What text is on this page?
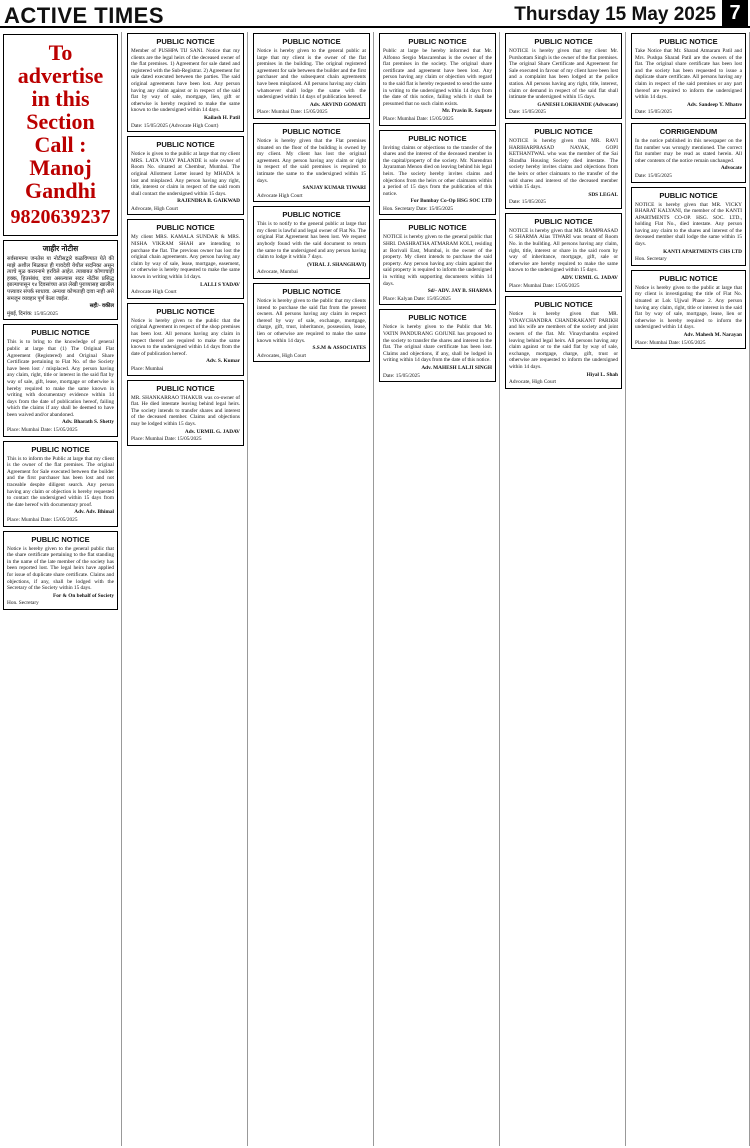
ACTIVE TIMES	Thursday 15 May 2025 7
To
advertise
in this
Section
Call :
Manoj Gandhi
9820639237
जाहीर नोटीस

सर्वसामान्य जनतेस या नोटीसद्वारे कळविण्यात येते की माझे अशील मिळकत ही गावदेवी येथील सदनिका असून त्याचे मूळ करारनामे हरविले आहेत. त्याबाबत कोणाचाही हक्क, हितसंबंध, दावा असल्यास सदर नोटीस प्रसिद्ध झाल्यापासून १४ दिवसांच्या आत लेखी पुराव्यासह खालील पत्त्यावर संपर्क साधावा. अन्यथा कोणताही दावा नाही असे समजून व्यवहार पूर्ण केला जाईल.

सही/- वकील
मुंबई, दिनांक: 15/05/2025
PUBLIC NOTICE

This is to bring to the knowledge of general public at large that (1) The Original Flat Agreement (Registered) and Original Share Certificate pertaining to Flat No. of the Society have been lost / misplaced. Any person having any claim, right, title or interest in the said flat by way of sale, gift, lease, mortgage or otherwise is hereby required to make the same known in writing with documentary evidence within 14 days from the date of publication hereof, failing which the claims if any shall be deemed to have been waived and/or abandoned.

Adv. Bharath S. Shetty
Place: Mumbai Date: 15/05/2025
PUBLIC NOTICE

This is to inform the Public at large that my client is the owner of the flat premises. The original Agreement for Sale executed between the builder and the first purchaser has been lost and not traceable despite diligent search. Any person having any claim or objection is hereby requested to contact the undersigned within 15 days from the date hereof with documentary proof.

Adv. Adv. Bhimal
Place: Mumbai Date: 15/05/2025
PUBLIC NOTICE

Notice is hereby given to the general public that the share certificate pertaining to the flat standing in the name of the late member of the society has been reported lost. The legal heirs have applied for issue of duplicate share certificate. Claims and objections, if any, shall be lodged with the Secretary of the Society within 15 days.

For & On behalf of Society
Hon. Secretary
PUBLIC NOTICE

Member of PUSHPA TIJ SANI. Notice that my clients are the legal heirs of the deceased owner of the flat premises. 1) Agreement for sale dated and registered with the Sub-Registrar. 2) Agreement for sale dated executed between the parties. The said original agreements have been lost. Any person having any claim against or in respect of the said flat by way of sale, mortgage, lien, gift or otherwise is hereby required to make the same known to the undersigned within 14 days.

Kailash H. Patil
Date: 15/05/2025 (Advocate High Court)
PUBLIC NOTICE

Notice is given to the public at large that my client MRS. LATA VIJAY PALANDE is sole owner of Room No. situated at Chembur, Mumbai. The original Allotment Letter issued by MHADA is lost and misplaced. Any person having any right, title, interest or claim in respect of the said room shall contact the undersigned within 15 days.

RAJENDRA B. GAIKWAD
Advocate, High Court
PUBLIC NOTICE

My client MRS. KAMALA SUNDAR & MRS. NISHA VIKRAM SHAH are intending to purchase the flat. The previous owner has lost the original chain agreements. Any person having any claim by way of sale, lease, mortgage, easement, or otherwise is hereby requested to make the same known in writing within 14 days.

LALLI S YADAV
Advocate High Court
PUBLIC NOTICE

Notice is hereby given to the public that the original Agreement in respect of the shop premises has been lost. All persons having any claim in respect thereof are required to make the same known to the undersigned within 14 days from the date of publication hereof.

Adv. S. Kumar
Place: Mumbai
PUBLIC NOTICE

MR. SHANKARRAO THAKUR was co-owner of flat. He died intestate leaving behind legal heirs. The society intends to transfer shares and interest of the deceased member. Claims and objections may be lodged within 15 days.

Adv. URMIL G. JADAV
Place: Mumbai Date: 15/05/2025
PUBLIC NOTICE

Notice is hereby given to the general public at large that my client is the owner of the flat premises in the building. The original registered agreement for sale between the builder and the first purchaser and the subsequent chain agreements have been misplaced. All persons having any claim whatsoever shall lodge the same with the undersigned within 14 days of publication hereof.

Adv. ARVIND GOMATI
Place: Mumbai Date: 15/05/2025
PUBLIC NOTICE

Notice is hereby given that the Flat premises situated on the floor of the building is owned by my client. My client has lost the original agreement. Any person having any claim or right in respect of the said premises is required to intimate the same to the undersigned within 15 days.

SANJAY KUMAR TIWARI
Advocate High Court
PUBLIC NOTICE

This is to notify to the general public at large that my client is lawful and legal owner of Flat No. The original Flat Agreement has been lost. We request anybody found with the said document to return the same to the undersigned and any person having claim to lodge it within 7 days.

(VIRAL J. SHANGHAVI)
Advocate, Mumbai
PUBLIC NOTICE

Notice is hereby given to the public that my clients intend to purchase the said flat from the present owners. All persons having any claim in respect thereof by way of sale, exchange, mortgage, charge, gift, trust, inheritance, possession, lease, lien or otherwise are required to make the same known within 14 days.

S.S.M & ASSOCIATES
Advocates, High Court
PUBLIC NOTICE

Public at large be hereby informed that Mr. Alfonso Sergio Mascarenhas is the owner of the flat premises in the society. The original share certificate and agreement have been lost. Any person having any claim or objection with regard to the said flat is hereby requested to send the same in writing to the undersigned within 14 days from the date of this notice, failing which it shall be presumed that no such claim exists.

Mr. Pravin R. Satpute
Place: Mumbai Date: 15/05/2025
PUBLIC NOTICE

Inviting claims or objections to the transfer of the shares and the interest of the deceased member in the capital/property of the society. Mr. Narendran Jayaraman Menon died on leaving behind his legal heirs. The society hereby invites claims and objections from the heirs or other claimants within a period of 15 days from the publication of this notice.

For Bombay Co-Op HSG SOC LTD
Hon. Secretary Date: 15/05/2025
PUBLIC NOTICE

NOTICE is hereby given to the general public that SHRI. DASHRATHA ATMARAM KOLI, residing at Borivali East, Mumbai, is the owner of the property. My client intends to purchase the said property. Any person having any claim against the said property is required to inform the undersigned in writing with supporting documents within 14 days.

Sd/- ADV. JAY B. SHARMA
Place: Kalyan Date: 15/05/2025
PUBLIC NOTICE

Notice is hereby given to the Public that Mr. VATIN PANDURANG GOJUNE has proposed to the society to transfer the shares and interest in the flat. The original share certificate has been lost. Claims and objections, if any, shall be lodged in writing within 14 days from the date of this notice.

Adv. MAHESH LALJI SINGH
Date: 15/05/2025
PUBLIC NOTICE

NOTICE is hereby given that my client Mr. Purshottam Singh is the owner of the flat premises. The original Share Certificate and Agreement for Sale executed in favour of my client have been lost and a complaint has been lodged at the police station. All persons having any right, title, interest, claim or demand in respect of the said flat shall intimate the undersigned within 15 days.

GANESH LOKHANDE (Advocate)
Date: 15/05/2025
PUBLIC NOTICE

NOTICE is hereby given that MR. RAVI HARIHARPRASAD NAYAK, GOPI KETHANTWAL who was the member of the Sai Shradha Housing Society died intestate. The society hereby invites claims and objections from the heirs or other claimants to the transfer of the said shares and interest of the deceased member within 15 days.

SDS LEGAL
Date: 15/05/2025
PUBLIC NOTICE

NOTICE is hereby given that MR. RAMPRASAD G SHARMA Alias TIWARI was tenant of Room No. in the building. All persons having any claim, right, title, interest or share in the said room by way of inheritance, mortgage, gift, sale or otherwise are hereby required to make the same known to the undersigned within 15 days.

ADV. URMIL G. JADAV
Place: Mumbai Date: 15/05/2025
PUBLIC NOTICE

Notice is hereby given that MR. VINAYCHANDRA CHANDRAKANT PARIKH and his wife are members of the society and joint owners of the flat. Mr. Vinaychandra expired leaving behind legal heirs. All persons having any claim against or to the said flat by way of sale, exchange, mortgage, charge, gift, trust or otherwise are requested to inform the undersigned within 14 days.

Hiyal L. Shah
Advocate, High Court
PUBLIC NOTICE

Take Notice that Mr. Sharad Atmaram Patil and Mrs. Pushpa Sharad Patil are the owners of the flat. The original share certificate has been lost and the society has been requested to issue a duplicate share certificate. All persons having any claim in respect of the said premises or any part thereof are required to inform the undersigned within 14 days.

Adv. Sandeep Y. Mhatre
Date: 15/05/2025
CORRIGENDUM

In the notice published in this newspaper on the flat number was wrongly mentioned. The correct flat number may be read as stated herein. All other contents of the notice remain unchanged.

Advocate
Date: 15/05/2025
PUBLIC NOTICE

NOTICE is hereby given that MR. VICKY BHARAT KALYANI, the member of the KANTI APARTMENTS CO-OP. HSG. SOC. LTD., holding Flat No., died intestate. Any person having any claim to the shares and interest of the deceased member shall lodge the same within 15 days.

KANTI APARTMENTS CHS LTD
Hon. Secretary
PUBLIC NOTICE

Notice is hereby given to the public at large that my client is investigating the title of Flat No. situated at Lok Ujjwal Phase 2. Any person having any claim, right, title or interest in the said flat by way of sale, mortgage, lease, lien or otherwise is hereby required to inform the undersigned within 14 days.

Adv. Mahesh M. Narayan
Place: Mumbai Date: 15/05/2025
